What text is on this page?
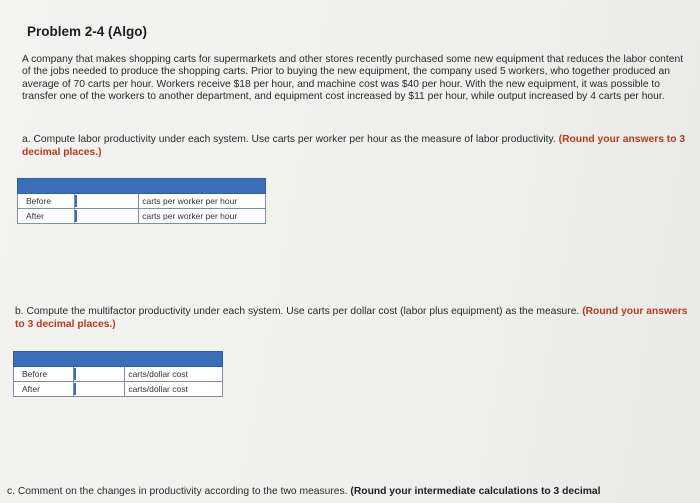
Problem 2-4 (Algo)
A company that makes shopping carts for supermarkets and other stores recently purchased some new equipment that reduces the labor content of the jobs needed to produce the shopping carts. Prior to buying the new equipment, the company used 5 workers, who together produced an average of 70 carts per hour. Workers receive $18 per hour, and machine cost was $40 per hour. With the new equipment, it was possible to transfer one of the workers to another department, and equipment cost increased by $11 per hour, while output increased by 4 carts per hour.
a. Compute labor productivity under each system. Use carts per worker per hour as the measure of labor productivity. (Round your answers to 3 decimal places.)

Before		carts per worker per hour
After		carts per worker per hour
b. Compute the multifactor productivity under each system. Use carts per dollar cost (labor plus equipment) as the measure. (Round your answers to 3 decimal places.)

Before		carts/dollar cost
After		carts/dollar cost
c. Comment on the changes in productivity according to the two measures. (Round your intermediate calculations to 3 decimal
